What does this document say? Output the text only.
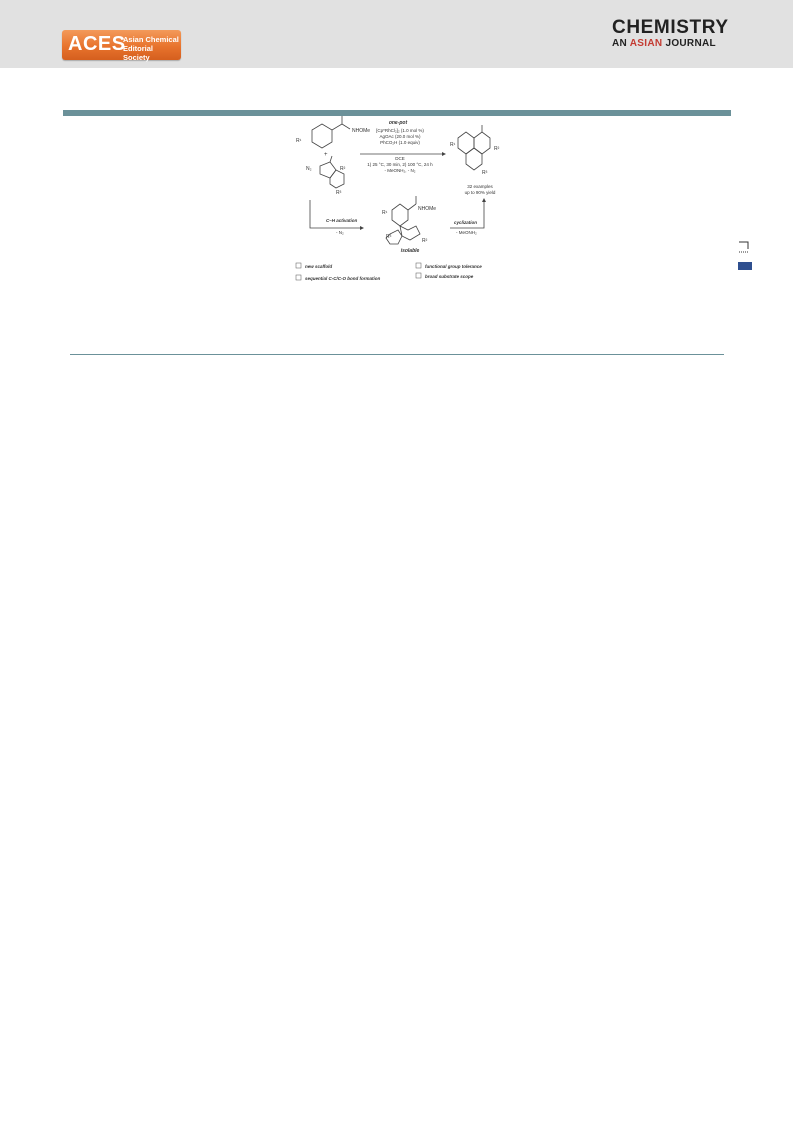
ACES
Asian Chemical
Editorial Society
CHEMISTRY
AN ASIAN JOURNAL
NHOMe
R¹
+
N₂	R²
R³
one-pot
[Cp*RhCl₂]₂ (1.0 mol %)
AgOAc (20.0 mol %)
PhCO₂H (1.0 equiv)
DCE
1) 25 °C, 30 min, 2) 100 °C, 24 h
- MeONH₂, - N₂
R¹
R²
R³
32 examples
up to 90% yield
C–H activation
- N₂
NHOMe
R¹
R²
R³
isolable
cyclization
- MeONH₂
new scaffold	functional group tolerance
sequential C-C/C-O bond formation	broad substrate scope
